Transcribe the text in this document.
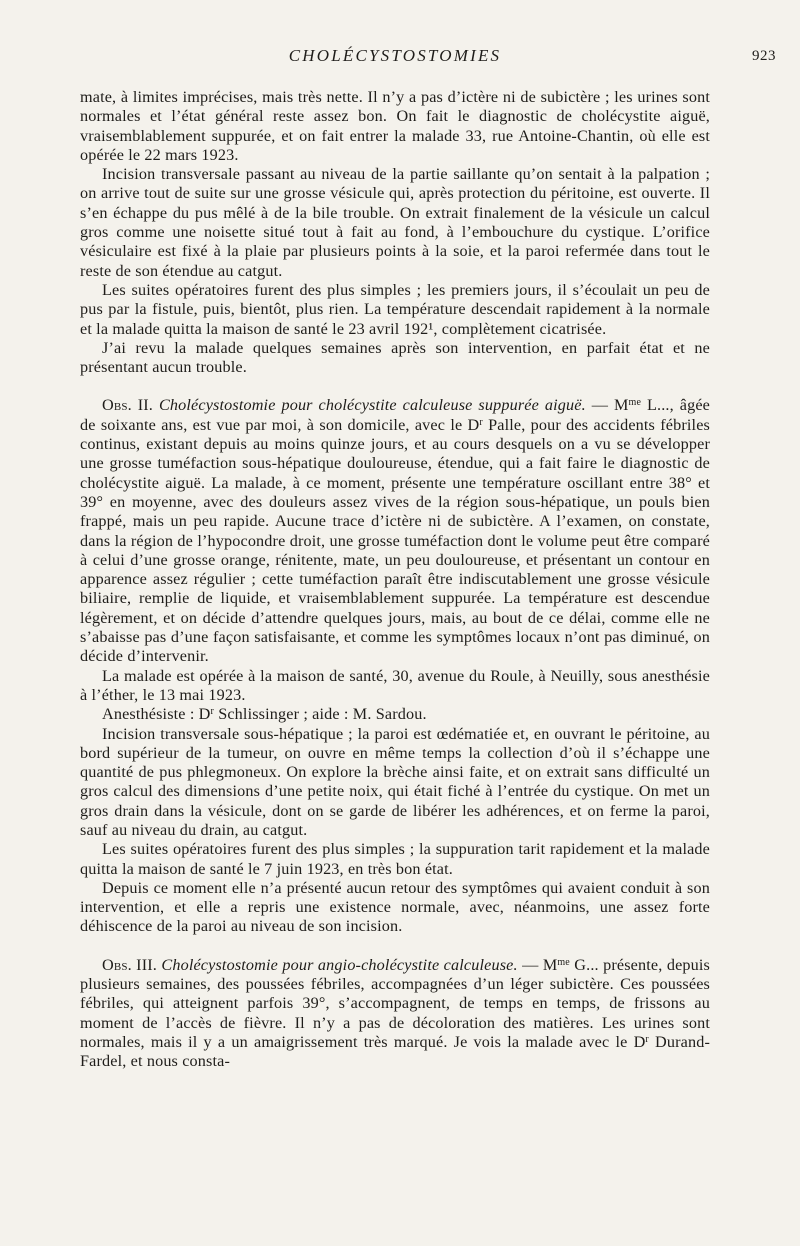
CHOLÉCYSTOSTOMIES	923

mate, à limites imprécises, mais très nette. Il n’y a pas d’ictère ni de subictère ; les urines sont normales et l’état général reste assez bon. On fait le diagnostic de cholécystite aiguë, vraisemblablement suppurée, et on fait entrer la malade 33, rue Antoine-Chantin, où elle est opérée le 22 mars 1923.

Incision transversale passant au niveau de la partie saillante qu’on sentait à la palpation ; on arrive tout de suite sur une grosse vésicule qui, après protection du péritoine, est ouverte. Il s’en échappe du pus mêlé à de la bile trouble. On extrait finalement de la vésicule un calcul gros comme une noisette situé tout à fait au fond, à l’embouchure du cystique. L’orifice vésiculaire est fixé à la plaie par plusieurs points à la soie, et la paroi refermée dans tout le reste de son étendue au catgut.

Les suites opératoires furent des plus simples ; les premiers jours, il s’écoulait un peu de pus par la fistule, puis, bientôt, plus rien. La température descendait rapidement à la normale et la malade quitta la maison de santé le 23 avril 192¹, complètement cicatrisée.

J’ai revu la malade quelques semaines après son intervention, en parfait état et ne présentant aucun trouble.

Obs. II. Cholécystostomie pour cholécystite calculeuse suppurée aiguë. — $M^{me}$ L..., âgée de soixante ans, est vue par moi, à son domicile, avec le $D^r$ Palle, pour des accidents fébriles continus, existant depuis au moins quinze jours, et au cours desquels on a vu se développer une grosse tuméfaction sous-hépatique douloureuse, étendue, qui a fait faire le diagnostic de cholécystite aiguë. La malade, à ce moment, présente une température oscillant entre 38° et 39° en moyenne, avec des douleurs assez vives de la région sous-hépatique, un pouls bien frappé, mais un peu rapide. Aucune trace d’ictère ni de subictère. A l’examen, on constate, dans la région de l’hypocondre droit, une grosse tuméfaction dont le volume peut être comparé à celui d’une grosse orange, rénitente, mate, un peu douloureuse, et présentant un contour en apparence assez régulier ; cette tuméfaction paraît être indiscutablement une grosse vésicule biliaire, remplie de liquide, et vraisemblablement suppurée. La température est descendue légèrement, et on décide d’attendre quelques jours, mais, au bout de ce délai, comme elle ne s’abaisse pas d’une façon satisfaisante, et comme les symptômes locaux n’ont pas diminué, on décide d’intervenir.

La malade est opérée à la maison de santé, 30, avenue du Roule, à Neuilly, sous anesthésie à l’éther, le 13 mai 1923.

Anesthésiste : $D^r$ Schlissinger ; aide : M. Sardou.

Incision transversale sous-hépatique ; la paroi est œdématiée et, en ouvrant le péritoine, au bord supérieur de la tumeur, on ouvre en même temps la collection d’où il s’échappe une quantité de pus phlegmoneux. On explore la brèche ainsi faite, et on extrait sans difficulté un gros calcul des dimensions d’une petite noix, qui était fiché à l’entrée du cystique. On met un gros drain dans la vésicule, dont on se garde de libérer les adhérences, et on ferme la paroi, sauf au niveau du drain, au catgut.

Les suites opératoires furent des plus simples ; la suppuration tarit rapidement et la malade quitta la maison de santé le 7 juin 1923, en très bon état.

Depuis ce moment elle n’a présenté aucun retour des symptômes qui avaient conduit à son intervention, et elle a repris une existence normale, avec, néanmoins, une assez forte déhiscence de la paroi au niveau de son incision.

Obs. III. Cholécystostomie pour angio-cholécystite calculeuse. — $M^{me}$ G... présente, depuis plusieurs semaines, des poussées fébriles, accompagnées d’un léger subictère. Ces poussées fébriles, qui atteignent parfois 39°, s’accompagnent, de temps en temps, de frissons au moment de l’accès de fièvre. Il n’y a pas de décoloration des matières. Les urines sont normales, mais il y a un amaigrissement très marqué. Je vois la malade avec le $D^r$ Durand-Fardel, et nous consta-
